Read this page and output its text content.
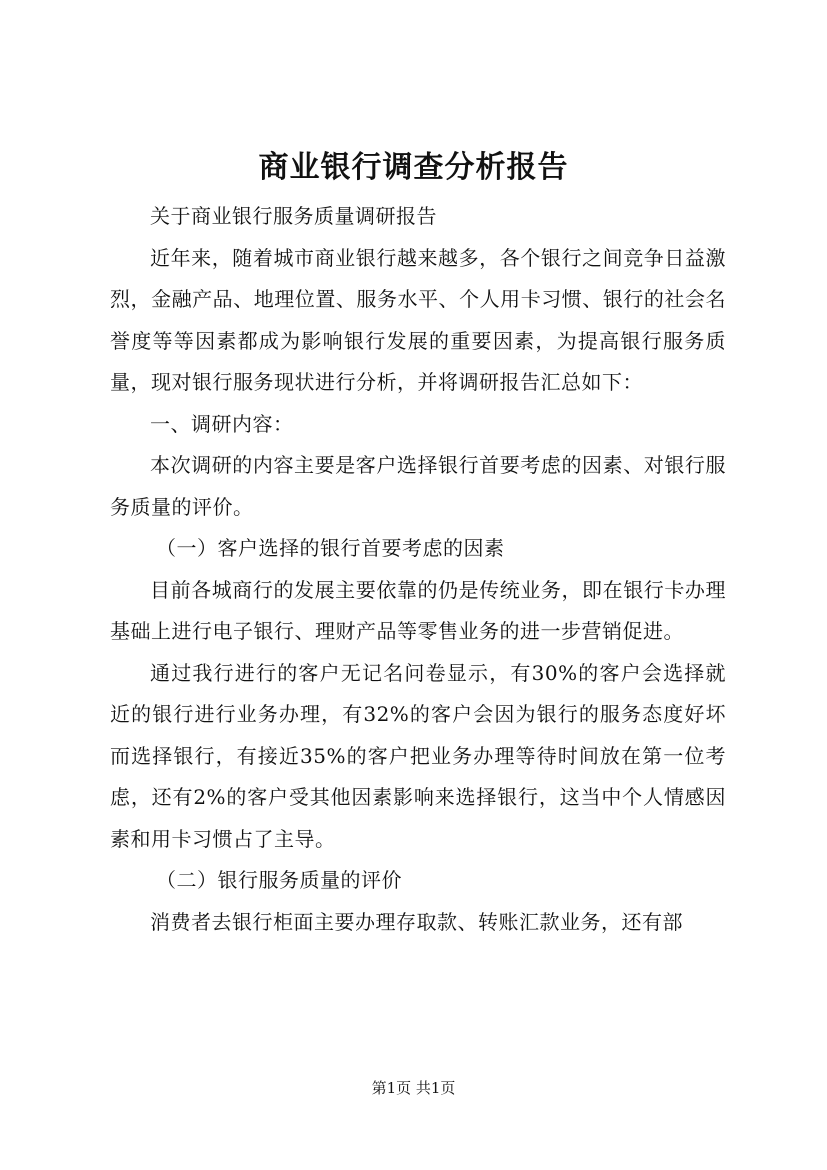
商业银行调查分析报告

关于商业银行服务质量调研报告

近年来，随着城市商业银行越来越多，各个银行之间竞争日益激烈，金融产品、地理位置、服务水平、个人用卡习惯、银行的社会名誉度等等因素都成为影响银行发展的重要因素，为提高银行服务质量，现对银行服务现状进行分析，并将调研报告汇总如下：

一、调研内容：

本次调研的内容主要是客户选择银行首要考虑的因素、对银行服务质量的评价。

（一）客户选择的银行首要考虑的因素

目前各城商行的发展主要依靠的仍是传统业务，即在银行卡办理基础上进行电子银行、理财产品等零售业务的进一步营销促进。

通过我行进行的客户无记名问卷显示，有30%的客户会选择就近的银行进行业务办理，有32%的客户会因为银行的服务态度好坏而选择银行，有接近35%的客户把业务办理等待时间放在第一位考虑，还有2%的客户受其他因素影响来选择银行，这当中个人情感因素和用卡习惯占了主导。

（二）银行服务质量的评价

消费者去银行柜面主要办理存取款、转账汇款业务，还有部

第1页 共1页
